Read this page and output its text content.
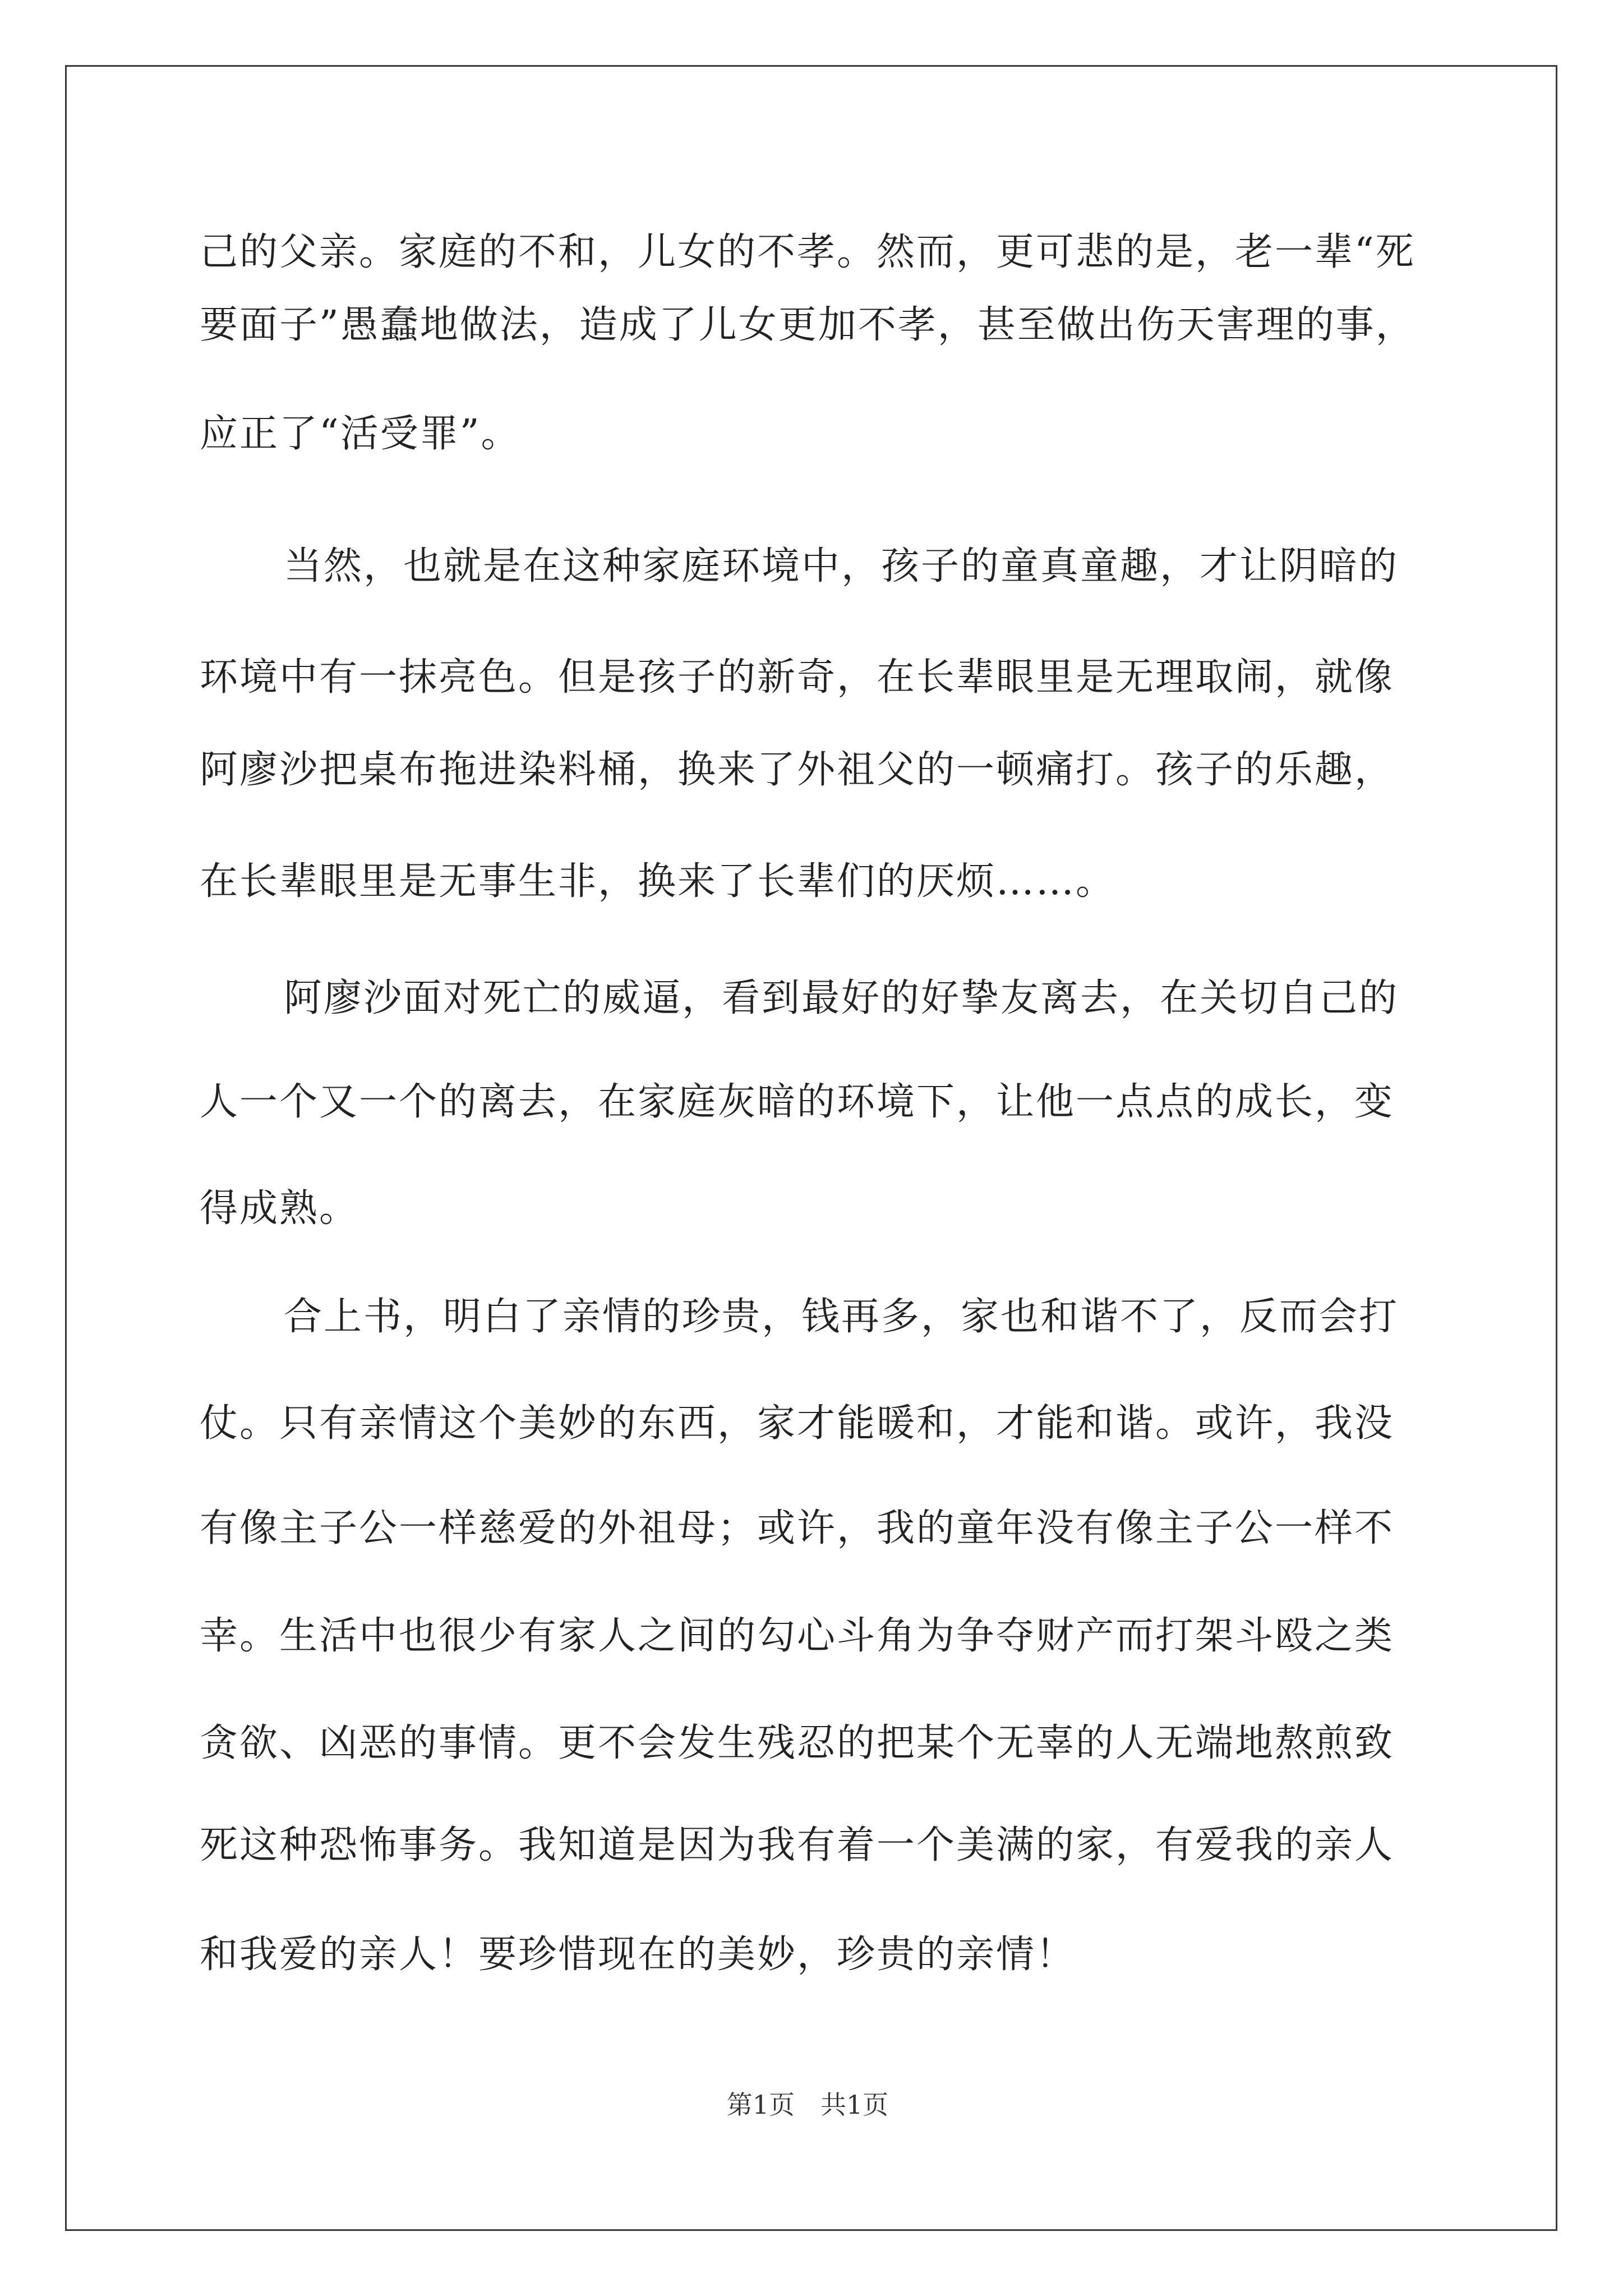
己的父亲。家庭的不和，儿女的不孝。然而，更可悲的是，老一辈“死
要面子”愚蠢地做法，造成了儿女更加不孝，甚至做出伤天害理的事，
应正了“活受罪”。
当然，也就是在这种家庭环境中，孩子的童真童趣，才让阴暗的
环境中有一抹亮色。但是孩子的新奇，在长辈眼里是无理取闹，就像
阿廖沙把桌布拖进染料桶，换来了外祖父的一顿痛打。孩子的乐趣，
在长辈眼里是无事生非，换来了长辈们的厌烦……。
阿廖沙面对死亡的威逼，看到最好的好挚友离去，在关切自己的
人一个又一个的离去，在家庭灰暗的环境下，让他一点点的成长，变
得成熟。
合上书，明白了亲情的珍贵，钱再多，家也和谐不了，反而会打
仗。只有亲情这个美妙的东西，家才能暖和，才能和谐。或许，我没
有像主子公一样慈爱的外祖母；或许，我的童年没有像主子公一样不
幸。生活中也很少有家人之间的勾心斗角为争夺财产而打架斗殴之类
贪欲、凶恶的事情。更不会发生残忍的把某个无辜的人无端地熬煎致
死这种恐怖事务。我知道是因为我有着一个美满的家，有爱我的亲人
和我爱的亲人！要珍惜现在的美妙，珍贵的亲情！
第1页　共1页
